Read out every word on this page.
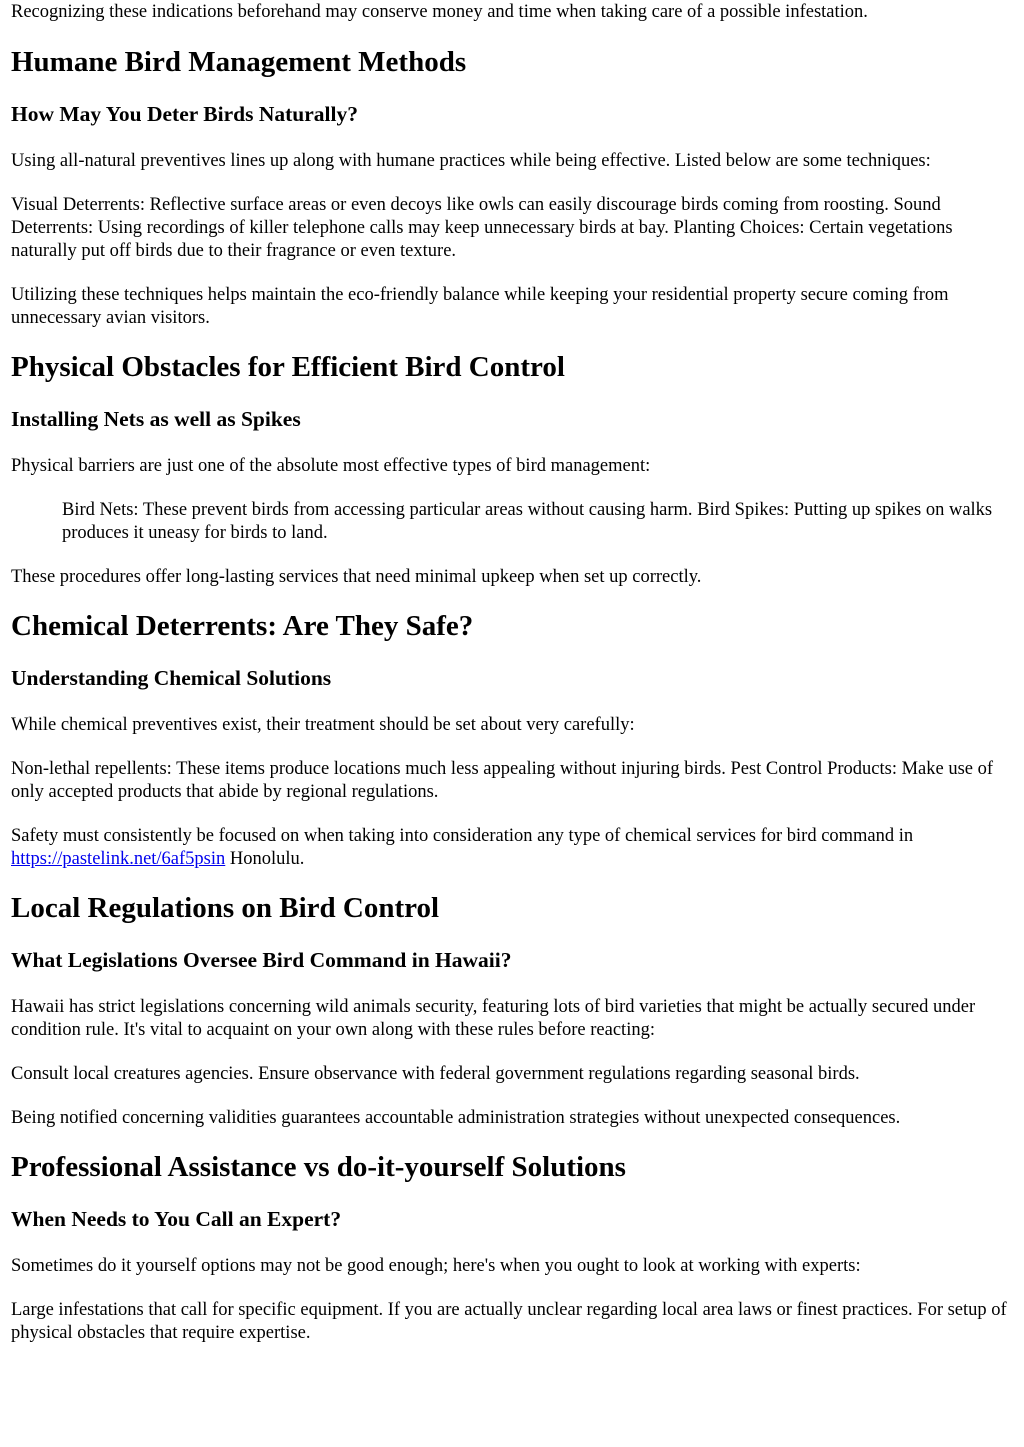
Recognizing these indications beforehand may conserve money and time when taking care of a possible infestation.

Humane Bird Management Methods
How May You Deter Birds Naturally?

Using all-natural preventives lines up along with humane practices while being effective. Listed below are some techniques:

Visual Deterrents: Reflective surface areas or even decoys like owls can easily discourage birds coming from roosting. Sound Deterrents: Using recordings of killer telephone calls may keep unnecessary birds at bay. Planting Choices: Certain vegetations naturally put off birds due to their fragrance or even texture.

Utilizing these techniques helps maintain the eco-friendly balance while keeping your residential property secure coming from unnecessary avian visitors.

Physical Obstacles for Efficient Bird Control
Installing Nets as well as Spikes

Physical barriers are just one of the absolute most effective types of bird management:

Bird Nets: These prevent birds from accessing particular areas without causing harm. Bird Spikes: Putting up spikes on walks produces it uneasy for birds to land.

These procedures offer long-lasting services that need minimal upkeep when set up correctly.

Chemical Deterrents: Are They Safe?
Understanding Chemical Solutions

While chemical preventives exist, their treatment should be set about very carefully:

Non-lethal repellents: These items produce locations much less appealing without injuring birds. Pest Control Products: Make use of only accepted products that abide by regional regulations.

Safety must consistently be focused on when taking into consideration any type of chemical services for bird command in https://pastelink.net/6af5psin Honolulu.

Local Regulations on Bird Control
What Legislations Oversee Bird Command in Hawaii?

Hawaii has strict legislations concerning wild animals security, featuring lots of bird varieties that might be actually secured under condition rule. It's vital to acquaint on your own along with these rules before reacting:

Consult local creatures agencies. Ensure observance with federal government regulations regarding seasonal birds.

Being notified concerning validities guarantees accountable administration strategies without unexpected consequences.

Professional Assistance vs do-it-yourself Solutions
When Needs to You Call an Expert?

Sometimes do it yourself options may not be good enough; here's when you ought to look at working with experts:

Large infestations that call for specific equipment. If you are actually unclear regarding local area laws or finest practices. For setup of physical obstacles that require expertise.
